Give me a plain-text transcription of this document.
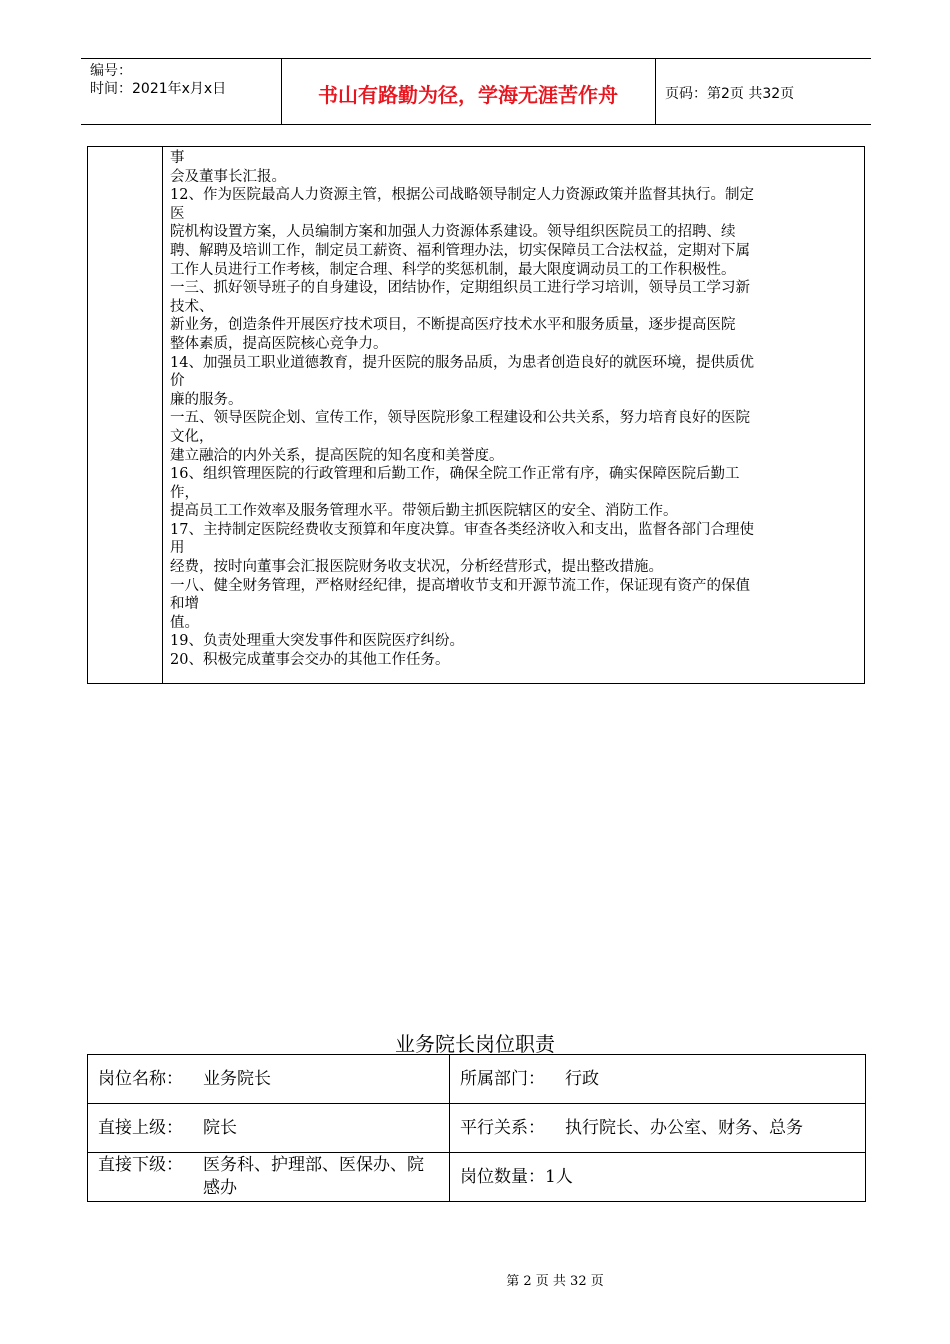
编号：
时间：2021年x月x日	书山有路勤为径，学海无涯苦作舟	页码：第2页 共32页
事
会及董事长汇报。
12、作为医院最高人力资源主管，根据公司战略领导制定人力资源政策并监督其执行。制定
医
院机构设置方案，人员编制方案和加强人力资源体系建设。领导组织医院员工的招聘、续
聘、解聘及培训工作，制定员工薪资、福利管理办法，切实保障员工合法权益，定期对下属
工作人员进行工作考核，制定合理、科学的奖惩机制，最大限度调动员工的工作积极性。
一三、抓好领导班子的自身建设，团结协作，定期组织员工进行学习培训，领导员工学习新
技术、
新业务，创造条件开展医疗技术项目，不断提高医疗技术水平和服务质量，逐步提高医院
整体素质，提高医院核心竞争力。
14、加强员工职业道德教育，提升医院的服务品质，为患者创造良好的就医环境，提供质优
价
廉的服务。
一五、领导医院企划、宣传工作，领导医院形象工程建设和公共关系，努力培育良好的医院
文化，
建立融洽的内外关系，提高医院的知名度和美誉度。
16、组织管理医院的行政管理和后勤工作，确保全院工作正常有序，确实保障医院后勤工
作，
提高员工工作效率及服务管理水平。带领后勤主抓医院辖区的安全、消防工作。
17、主持制定医院经费收支预算和年度决算。审查各类经济收入和支出，监督各部门合理使
用
经费，按时向董事会汇报医院财务收支状况，分析经营形式，提出整改措施。
一八、健全财务管理，严格财经纪律，提高增收节支和开源节流工作，保证现有资产的保值
和增
值。
19、负责处理重大突发事件和医院医疗纠纷。
20、积极完成董事会交办的其他工作任务。
业务院长岗位职责
岗位名称： 业务院长	所属部门： 行政

直接上级： 院长	平行关系： 执行院长、办公室、财务、总务

直接下级： 医务科、护理部、医保办、院感办	岗位数量： 1人
第 2 页 共 32 页
